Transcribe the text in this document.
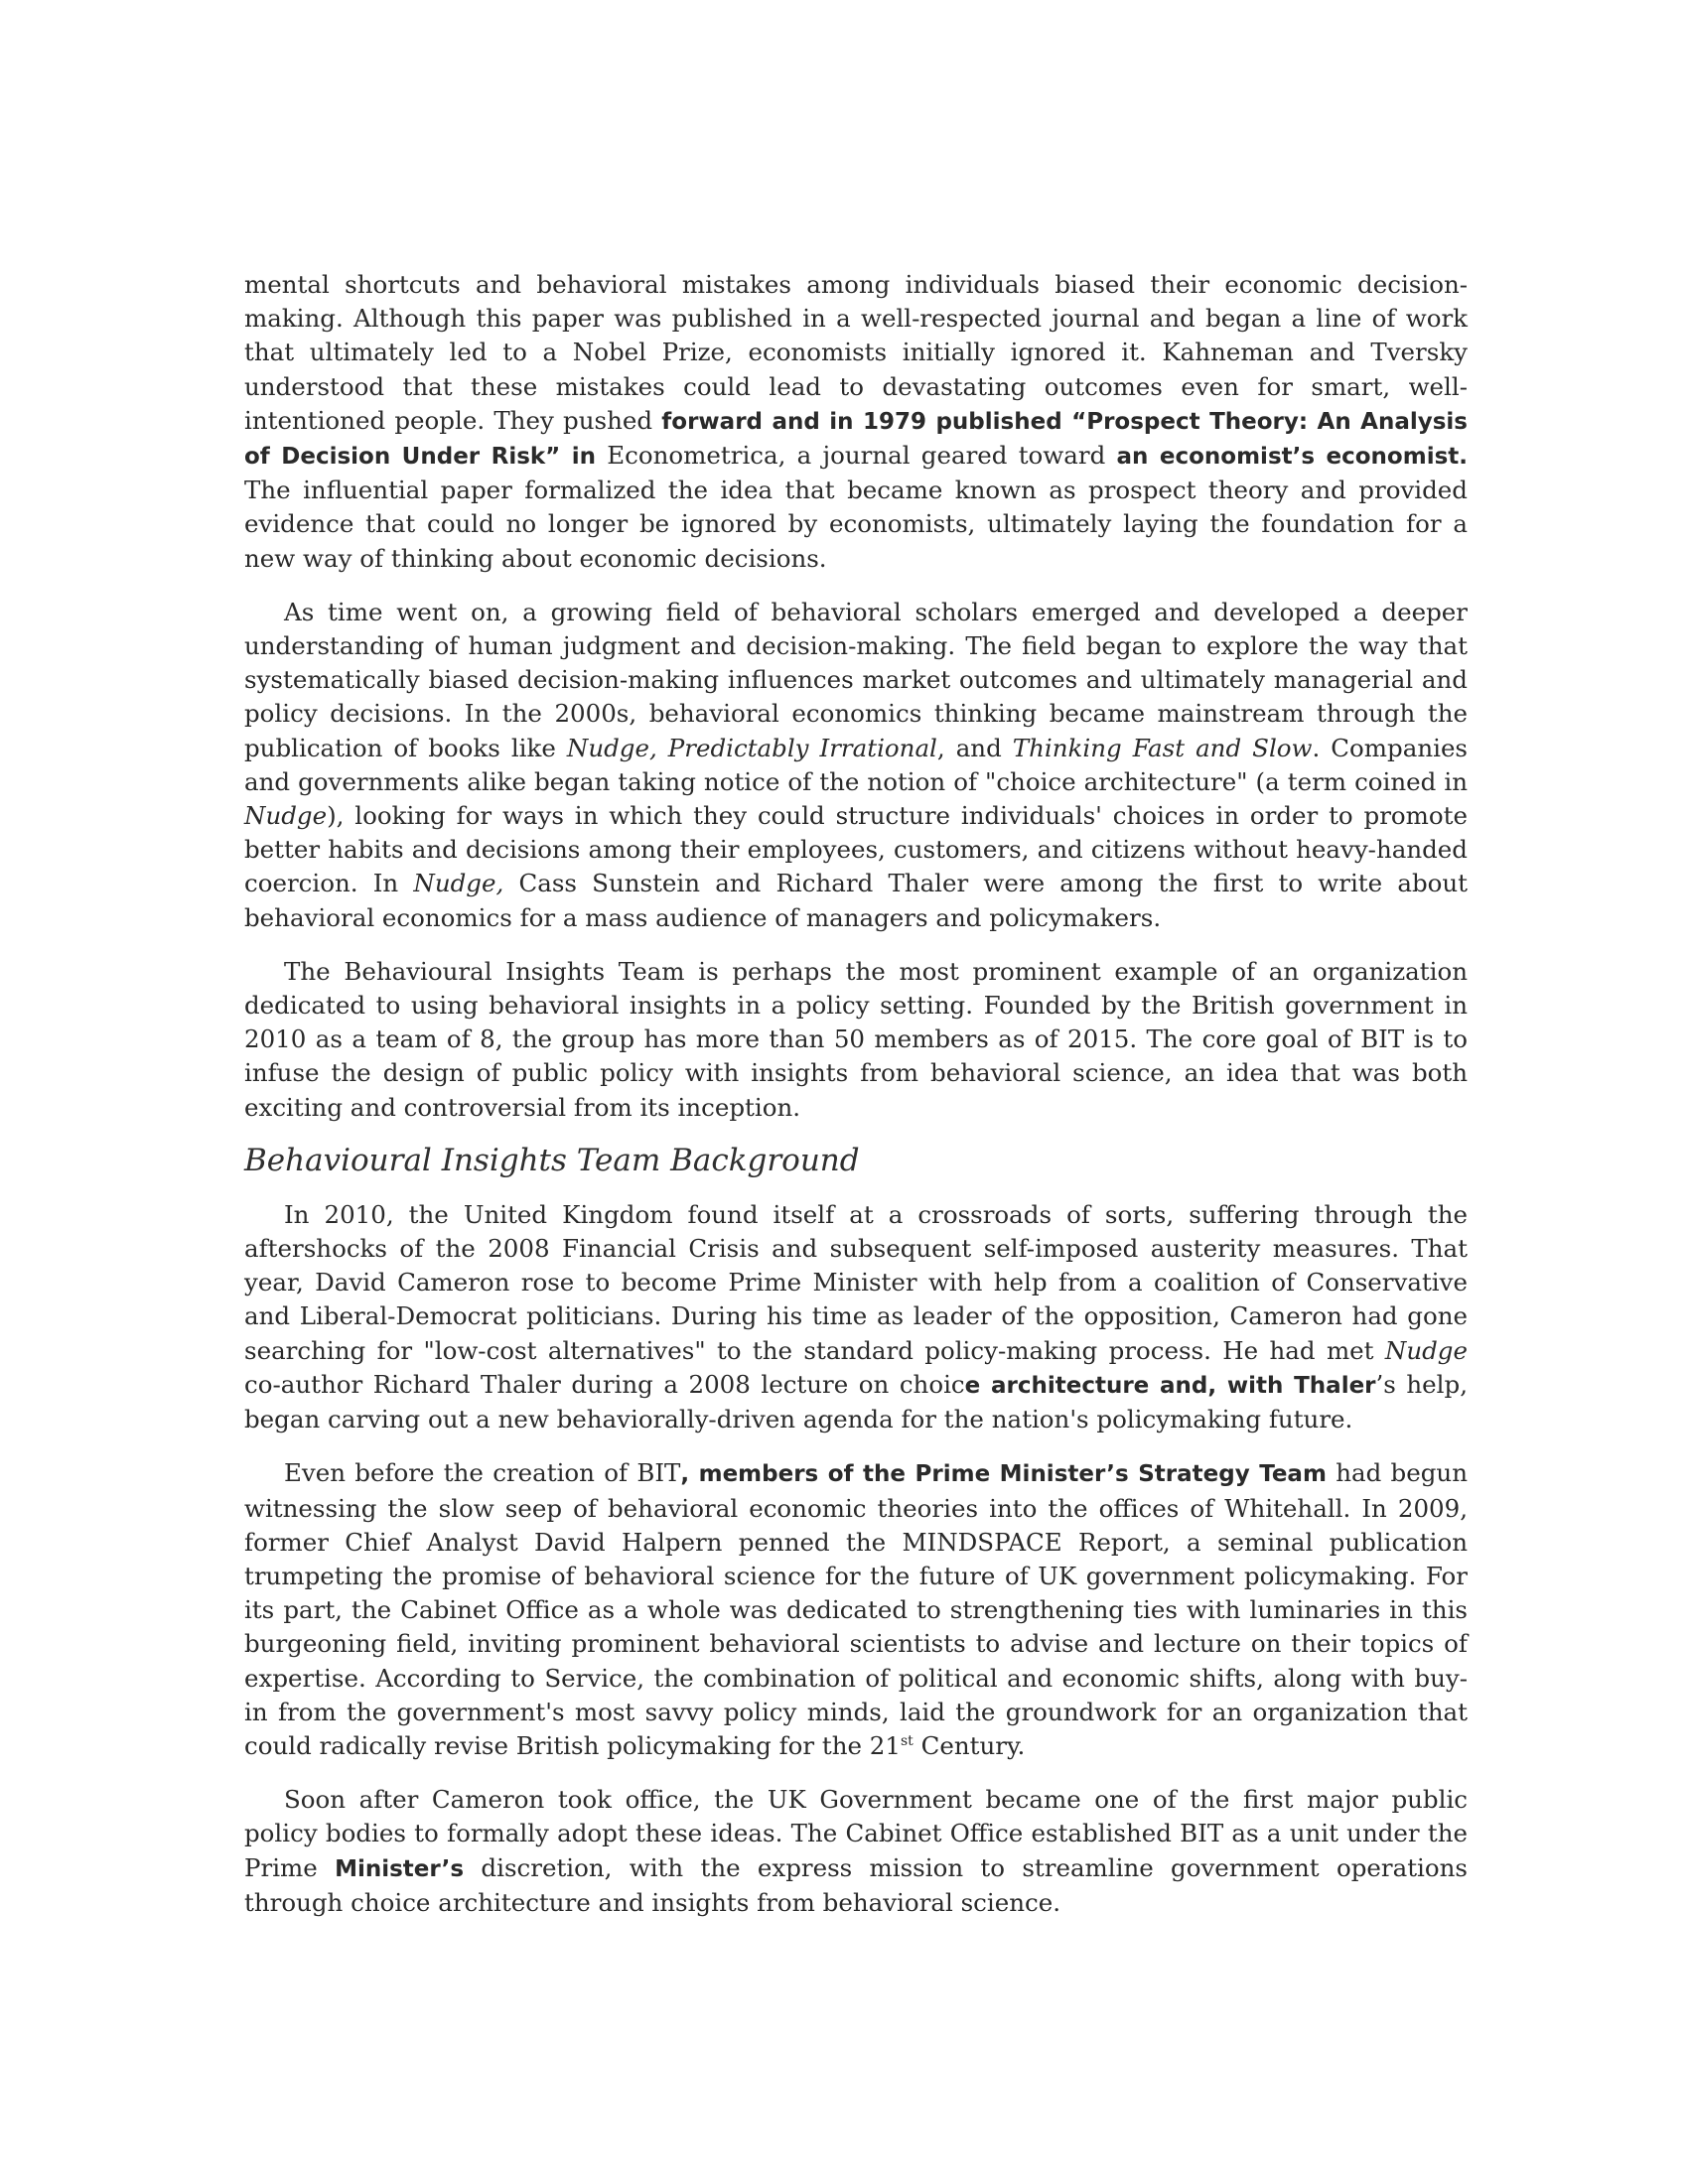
mental shortcuts and behavioral mistakes among individuals biased their economic decision-making. Although this paper was published in a well-respected journal and began a line of work that ultimately led to a Nobel Prize, economists initially ignored it. Kahneman and Tversky understood that these mistakes could lead to devastating outcomes even for smart, well-intentioned people. They pushed forward and in 1979 published “Prospect Theory: An Analysis of Decision Under Risk” in Econometrica, a journal geared toward an economist’s economist. The influential paper formalized the idea that became known as prospect theory and provided evidence that could no longer be ignored by economists, ultimately laying the foundation for a new way of thinking about economic decisions.

As time went on, a growing field of behavioral scholars emerged and developed a deeper understanding of human judgment and decision-making. The field began to explore the way that systematically biased decision-making influences market outcomes and ultimately managerial and policy decisions. In the 2000s, behavioral economics thinking became mainstream through the publication of books like Nudge, Predictably Irrational, and Thinking Fast and Slow. Companies and governments alike began taking notice of the notion of "choice architecture" (a term coined in Nudge), looking for ways in which they could structure individuals' choices in order to promote better habits and decisions among their employees, customers, and citizens without heavy-handed coercion. In Nudge, Cass Sunstein and Richard Thaler were among the first to write about behavioral economics for a mass audience of managers and policymakers.

The Behavioural Insights Team is perhaps the most prominent example of an organization dedicated to using behavioral insights in a policy setting. Founded by the British government in 2010 as a team of 8, the group has more than 50 members as of 2015. The core goal of BIT is to infuse the design of public policy with insights from behavioral science, an idea that was both exciting and controversial from its inception.

Behavioural Insights Team Background

In 2010, the United Kingdom found itself at a crossroads of sorts, suffering through the aftershocks of the 2008 Financial Crisis and subsequent self-imposed austerity measures. That year, David Cameron rose to become Prime Minister with help from a coalition of Conservative and Liberal-Democrat politicians. During his time as leader of the opposition, Cameron had gone searching for "low-cost alternatives" to the standard policy-making process. He had met Nudge co-author Richard Thaler during a 2008 lecture on choice architecture and, with Thaler’s help, began carving out a new behaviorally-driven agenda for the nation's policymaking future.

Even before the creation of BIT, members of the Prime Minister’s Strategy Team had begun witnessing the slow seep of behavioral economic theories into the offices of Whitehall. In 2009, former Chief Analyst David Halpern penned the MINDSPACE Report, a seminal publication trumpeting the promise of behavioral science for the future of UK government policymaking. For its part, the Cabinet Office as a whole was dedicated to strengthening ties with luminaries in this burgeoning field, inviting prominent behavioral scientists to advise and lecture on their topics of expertise. According to Service, the combination of political and economic shifts, along with buy-in from the government's most savvy policy minds, laid the groundwork for an organization that could radically revise British policymaking for the 21st Century.

Soon after Cameron took office, the UK Government became one of the first major public policy bodies to formally adopt these ideas. The Cabinet Office established BIT as a unit under the Prime Minister’s discretion, with the express mission to streamline government operations through choice architecture and insights from behavioral science.
